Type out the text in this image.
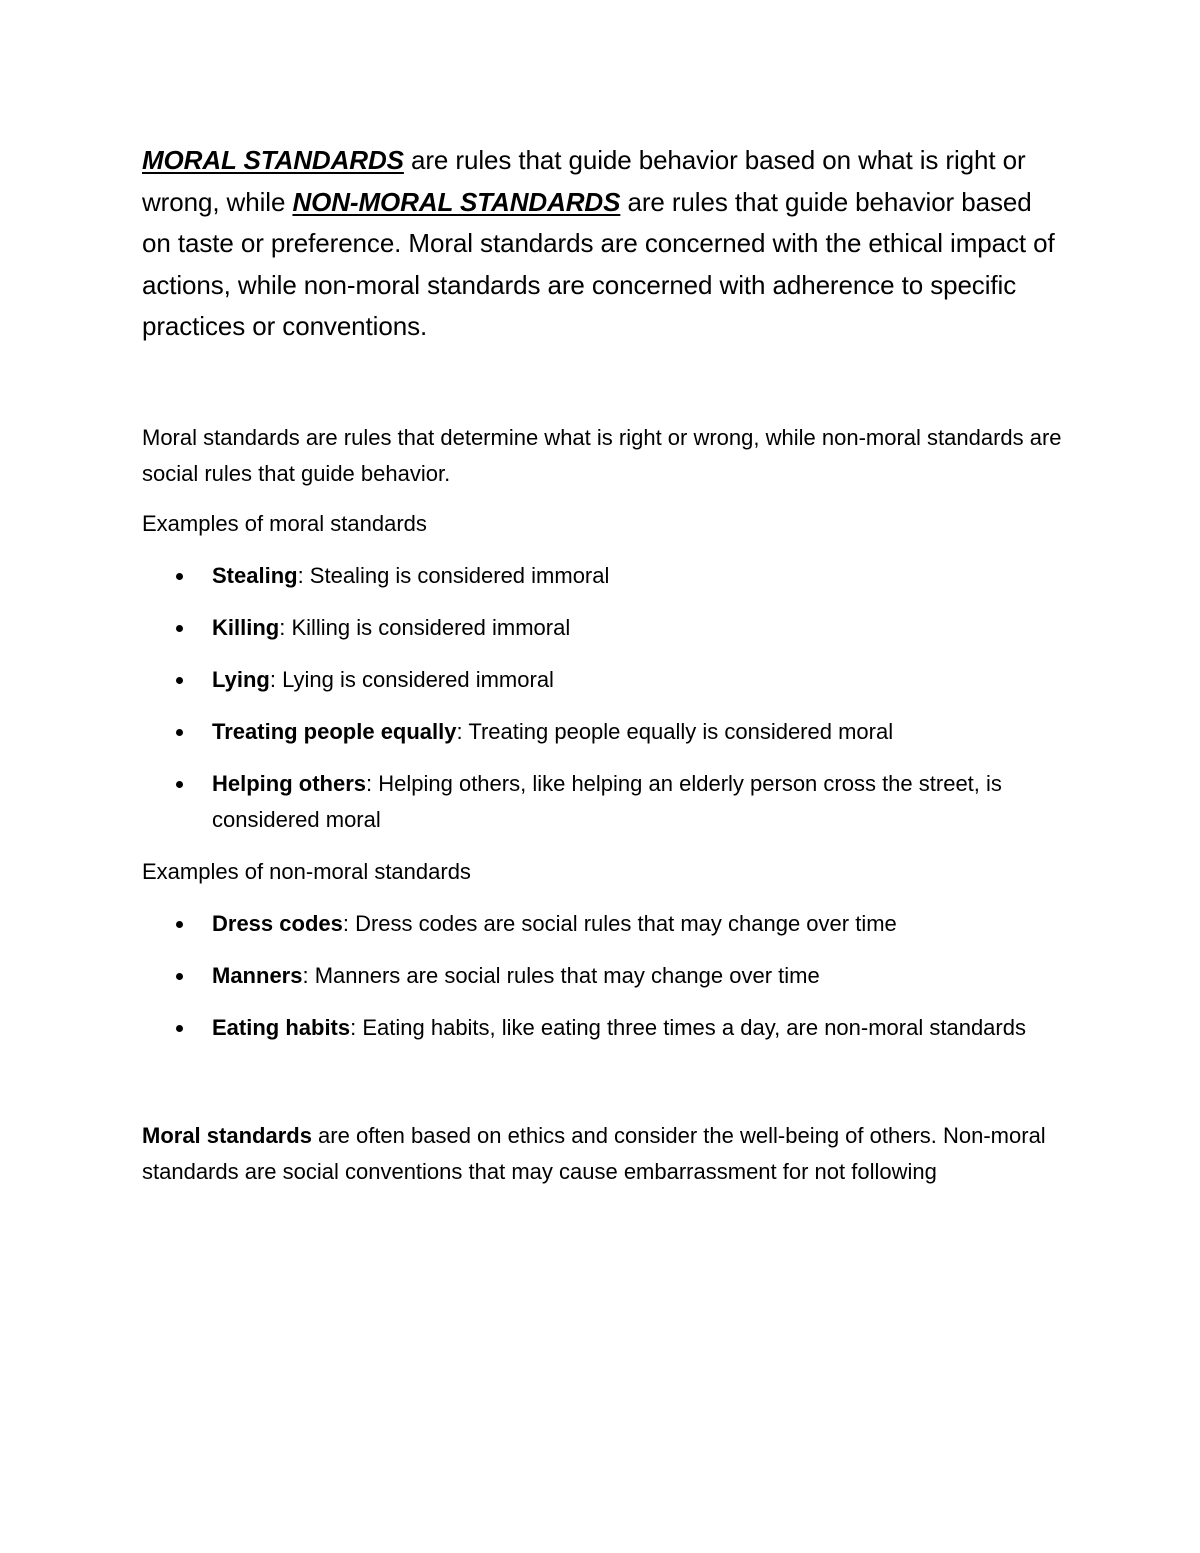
MORAL STANDARDS are rules that guide behavior based on what is right or wrong, while NON-MORAL STANDARDS are rules that guide behavior based on taste or preference. Moral standards are concerned with the ethical impact of actions, while non-moral standards are concerned with adherence to specific practices or conventions.

Moral standards are rules that determine what is right or wrong, while non-moral standards are social rules that guide behavior.

Examples of moral standards

Stealing: Stealing is considered immoral
Killing: Killing is considered immoral
Lying: Lying is considered immoral
Treating people equally: Treating people equally is considered moral
Helping others: Helping others, like helping an elderly person cross the street, is considered moral

Examples of non-moral standards

Dress codes: Dress codes are social rules that may change over time
Manners: Manners are social rules that may change over time
Eating habits: Eating habits, like eating three times a day, are non-moral standards

Moral standards are often based on ethics and consider the well-being of others. Non-moral standards are social conventions that may cause embarrassment for not following
